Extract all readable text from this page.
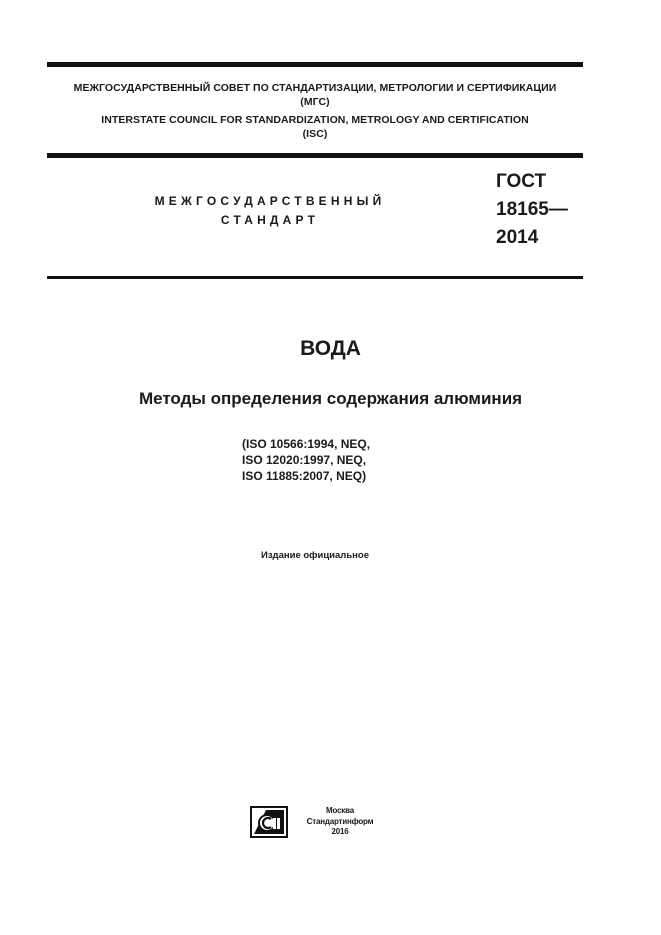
МЕЖГОСУДАРСТВЕННЫЙ СОВЕТ ПО СТАНДАРТИЗАЦИИ, МЕТРОЛОГИИ И СЕРТИФИКАЦИИ
(МГС)
INTERSTATE COUNCIL FOR STANDARDIZATION, METROLOGY AND CERTIFICATION
(ISC)
МЕЖГОСУДАРСТВЕННЫЙ
СТАНДАРТ
ГОСТ
18165—
2014
ВОДА
Методы определения содержания алюминия
(ISO 10566:1994, NEQ,
ISO 12020:1997, NEQ,
ISO 11885:2007, NEQ)
Издание официальное
Москва
Стандартинформ
2016
